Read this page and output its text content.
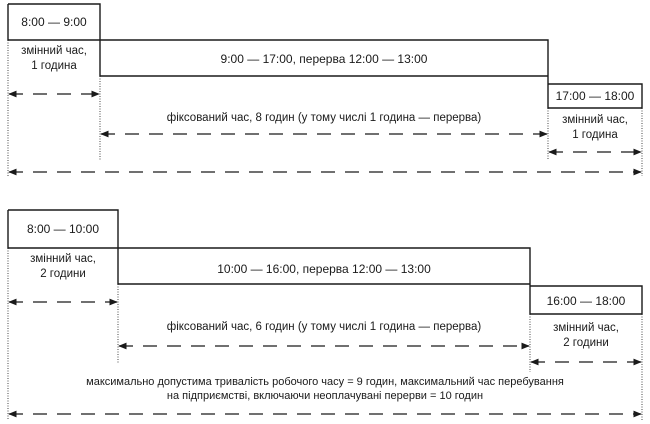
8:00 — 9:00
змінний час,
1 година	9:00 — 17:00, перерва 12:00 — 13:00
17:00 — 18:00
фіксований час, 8 годин (у тому числі 1 година — перерва)	змінний час,
1 година
8:00 — 10:00
змінний час,
2 години	10:00 — 16:00, перерва 12:00 — 13:00
16:00 — 18:00
фіксований час, 6 годин (у тому числі 1 година — перерва)	змінний час,
2 години
максимально допустима тривалість робочого часу = 9 годин, максимальний час перебування
на підприємстві, включаючи неоплачувані перерви = 10 годин
